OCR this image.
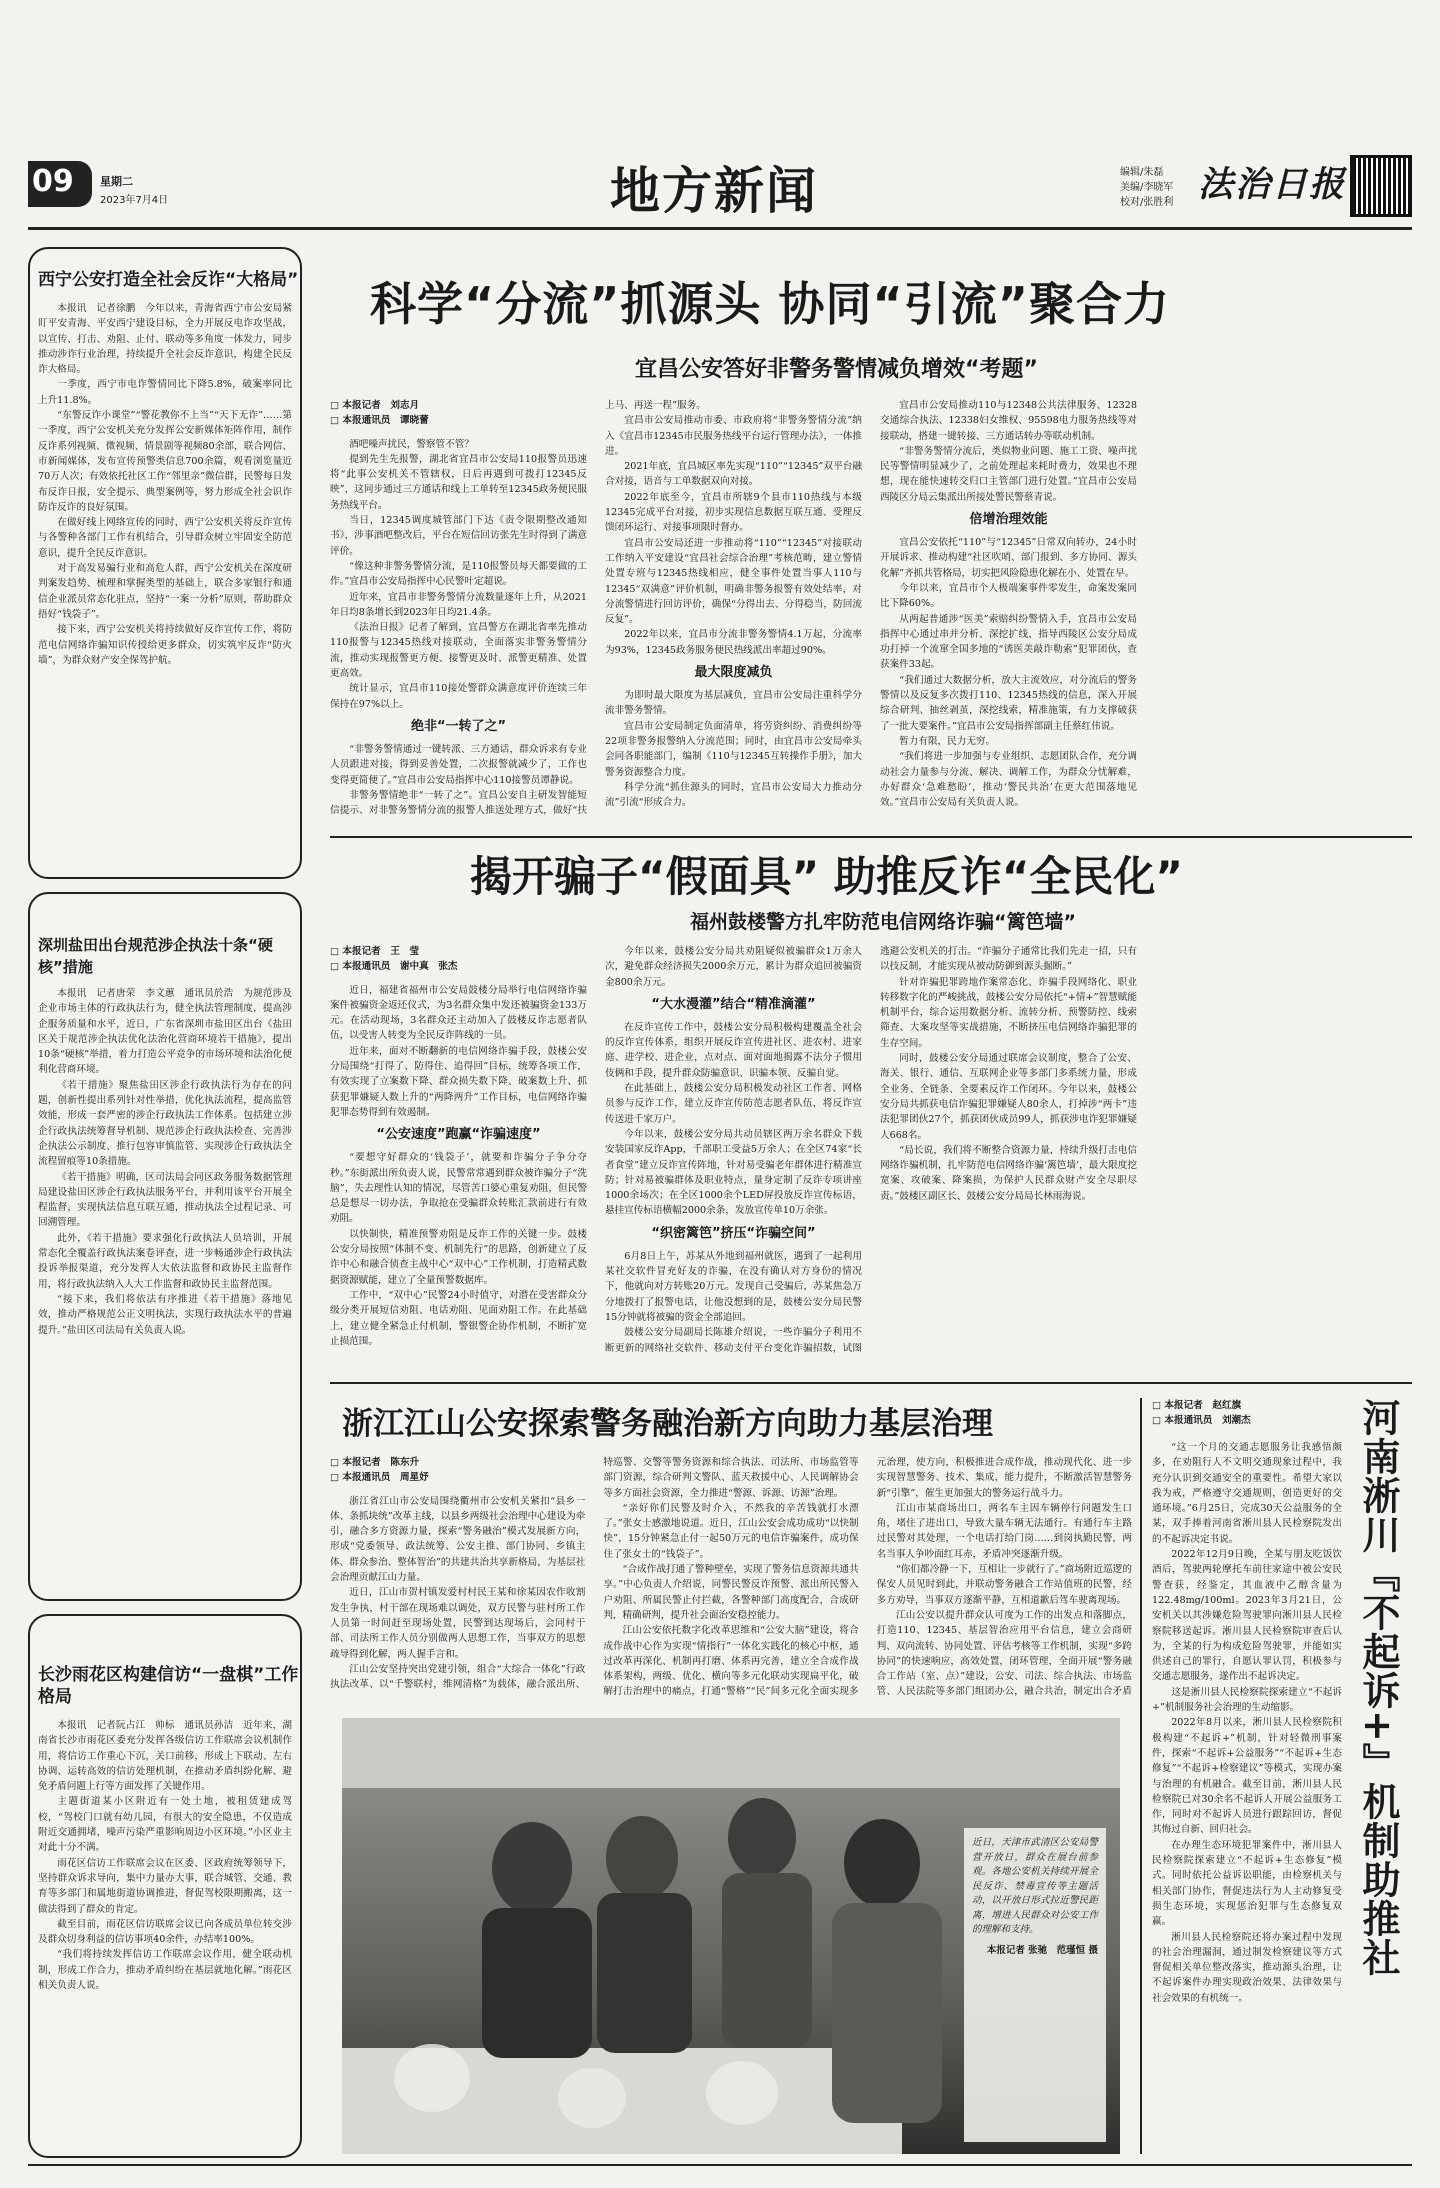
09 星期二
2023年7月4日	地方新闻	编辑/朱磊
美编/李晓军
校对/张胜利 法治日报
西宁公安打造全社会反诈“大格局”

本报讯　记者徐鹏　今年以来，青海省西宁市公安局紧盯平安青海、平安西宁建设目标，全力开展反电诈攻坚战，以宣传、打击、劝阻、止付、联动等多角度一体发力，同步推动涉诈行业治理，持续提升全社会反诈意识，构建全民反诈大格局。

一季度，西宁市电诈警情同比下降5.8%，破案率同比上升11.8%。

“东警反诈小课堂”“警花教你不上当”“天下无诈”……第一季度，西宁公安机关充分发挥公安新媒体矩阵作用，制作反诈系列视频、微视频、情景剧等视频80余部，联合网信、市新闻媒体，发布宣传预警类信息700余篇，观看浏览量近70万人次；有效依托社区工作“邻里亲”微信群，民警每日发布反诈日报，安全提示、典型案例等，努力形成全社会识诈防诈反诈的良好氛围。

在做好线上网络宣传的同时，西宁公安机关将反诈宣传与各警种各部门工作有机结合，引导群众树立牢固安全防范意识，提升全民反诈意识。

对于高发易骗行业和高危人群，西宁公安机关在深度研判案发趋势、梳理和掌握类型的基础上，联合多家银行和通信企业派员常态化驻点，坚持“一案一分析”原则，帮助群众捂好“钱袋子”。

接下来，西宁公安机关将持续做好反诈宣传工作，将防范电信网络诈骗知识传授给更多群众，切实筑牢反诈“防火墙”，为群众财产安全保驾护航。

深圳盐田出台规范涉企执法十条“硬核”措施

本报讯　记者唐荣　李文蕙　通讯员於浩　为规范涉及企业市场主体的行政执法行为，健全执法管理制度，提高涉企服务质量和水平，近日，广东省深圳市盐田区出台《盐田区关于规范涉企执法优化法治化营商环境若干措施》，提出10条“硬核”举措，着力打造公平竞争的市场环境和法治化便利化营商环境。

《若干措施》聚焦盐田区涉企行政执法行为存在的问题，创新性提出系列针对性举措，优化执法流程，提高监管效能，形成一套严密的涉企行政执法工作体系。包括建立涉企行政执法统筹督导机制、规范涉企行政执法检查、完善涉企执法公示制度、推行包容审慎监管、实现涉企行政执法全流程留痕等10条措施。

《若干措施》明确，区司法局会同区政务服务数据管理局建设盐田区涉企行政执法服务平台，并利用该平台开展全程监督，实现执法信息互联互通，推动执法全过程记录、可回溯管理。

此外，《若干措施》要求强化行政执法人员培训，开展常态化全覆盖行政执法案卷评查，进一步畅通涉企行政执法投诉举报渠道，充分发挥人大依法监督和政协民主监督作用，将行政执法纳入人大工作监督和政协民主监督范围。

“接下来，我们将依法有序推进《若干措施》落地见效，推动严格规范公正文明执法，实现行政执法水平的普遍提升。”盐田区司法局有关负责人说。

长沙雨花区构建信访“一盘棋”工作格局

本报讯　记者阮占江　帅标　通讯员孙洁　近年来，湖南省长沙市雨花区委充分发挥各级信访工作联席会议机制作用，将信访工作重心下沉，关口前移，形成上下联动、左右协调、运转高效的信访处理机制，在推动矛盾纠纷化解、避免矛盾问题上行等方面发挥了关键作用。

主题街道某小区附近有一处土地，被租赁建成驾校，“驾校门口就有幼儿园，有很大的安全隐患，不仅造成附近交通拥堵，噪声污染严重影响周边小区环境。”小区业主对此十分不满。

雨花区信访工作联席会议在区委、区政府统筹领导下，坚持群众诉求导向，集中力量办大事，联合城管、交通、教育等多部门和属地街道协调推进，督促驾校限期搬离，这一做法得到了群众的肯定。

截至目前，雨花区信访联席会议已向各成员单位转交涉及群众切身利益的信访事项40余件，办结率100%。

“我们将持续发挥信访工作联席会议作用，健全联动机制，形成工作合力，推动矛盾纠纷在基层就地化解。”雨花区相关负责人说。

科学“分流”抓源头 协同“引流”聚合力
宜昌公安答好非警务警情减负增效“考题”

□ 本报记者　刘志月

□ 本报通讯员　谭晓蕾

酒吧噪声扰民，警察管不管？

提到先生先报警，湖北省宜昌市公安局110报警员迅速将“此事公安机关不管辖权，日后再遇到可拨打12345反映”，这同步通过三方通话和线上工单转至12345政务便民服务热线平台。

当日，12345调度城管部门下达《责令限期整改通知书》，涉事酒吧整改后，平台在短信回访张先生时得到了满意评价。

“像这种非警务警情分流，是110报警员每天都要做的工作。”宜昌市公安局指挥中心民警叶定超说。

近年来，宜昌市非警务警情分流数量逐年上升，从2021年日均8条增长到2023年日均21.4条。

《法治日报》记者了解到，宜昌警方在湖北省率先推动110报警与12345热线对接联动，全面落实非警务警情分流，推动实现报警更方便、接警更及时、派警更精准、处置更高效。

统计显示，宜昌市110接处警群众满意度评价连续三年保持在97%以上。

绝非“一转了之”

“非警务警情通过一键转派、三方通话，群众诉求有专业人员跟进对接，得到妥善处置，二次报警就减少了，工作也变得更简便了。”宜昌市公安局指挥中心110接警员谭静说。

非警务警情绝非“一转了之”。宜昌公安自主研发智能短信提示、对非警务警情分流的报警人推送处理方式，做好“扶上马、再送一程”服务。

宜昌市公安局推动市委、市政府将“非警务警情分流”纳入《宜昌市12345市民服务热线平台运行管理办法》，一体推进。

2021年底，宜昌城区率先实现“110”“12345”双平台融合对接，语音与工单数据双向对接。

2022年底至今，宜昌市所辖9个县市110热线与本级12345完成平台对接，初步实现信息数据互联互通、受理反馈闭环运行、对接事项限时督办。

宜昌市公安局还进一步推动将“110”“12345”对接联动工作纳入平安建设“宜昌社会综合治理”考核范畴，建立警情处置专班与12345热线相应，健全事件处置当事人110与12345“双满意”评价机制，明确非警务报警有效处结率，对分流警情进行回访评价，确保“分得出去、分得稳当，防回流反复”。

2022年以来，宜昌市分流非警务警情4.1万起，分流率为93%，12345政务服务便民热线派出率超过90%。

最大限度减负

为即时最大限度为基层减负，宜昌市公安局注重科学分流非警务警情。

宜昌市公安局制定负面清单，将劳资纠纷、消费纠纷等22项非警务报警纳入分流范围；同时，由宜昌市公安局牵头会同各职能部门，编制《110与12345互转操作手册》，加大警务资源整合力度。

科学分流“抓住源头的同时，宜昌市公安局大力推动分流”引流“形成合力。

宜昌市公安局推动110与12348公共法律服务、12328交通综合执法、12338妇女维权、95598电力服务热线等对接联动，搭建一键转接、三方通话转办等联动机制。

“非警务警情分流后，类似物业问题、施工工资、噪声扰民等警情明显减少了，之前处理起来耗时费力，效果也不理想，现在能快速转交归口主管部门进行处置。”宜昌市公安局西陵区分局云集派出所接处警民警蔡青说。

倍增治理效能

宜昌公安依托“110”与“12345”日常双向转办，24小时开展诉求、推动构建“社区吹哨、部门报到、多方协同、源头化解”齐抓共管格局，切实把风险隐患化解在小、处置在早。

今年以来，宜昌市个人极端案事件零发生，命案发案同比下降60%。

从两起普通涉“医美”索赔纠纷警情入手，宜昌市公安局指挥中心通过串并分析、深挖扩线，指导西陵区公安分局成功打掉一个流窜全国多地的“诱医美敲诈勒索”犯罪团伙，查获案件33起。

“我们通过大数据分析，放大主流效应，对分流后的警务警情以及反复多次拨打110、12345热线的信息，深入开展综合研判、抽丝剥茧，深挖线索，精准施策，有力支撑破获了一批大要案件。”宜昌市公安局指挥部副主任蔡红伟说。

暂力有限，民力无穷。

“我们将进一步加强与专业组织、志愿团队合作，充分调动社会力量参与分流、解决、调解工作，为群众分忧解难，办好群众‘急难愁盼’，推动‘警民共治’在更大范围落地见效。”宜昌市公安局有关负责人说。

揭开骗子“假面具” 助推反诈“全民化”
福州鼓楼警方扎牢防范电信网络诈骗“篱笆墙”

□ 本报记者　王　莹

□ 本报通讯员　谢中真　张杰

近日，福建省福州市公安局鼓楼分局举行电信网络诈骗案件被骗资金返还仪式，为3名群众集中发还被骗资金133万元。在活动现场，3名群众还主动加入了鼓楼反诈志愿者队伍，以受害人转变为全民反诈阵线的一员。

近年来，面对不断翻新的电信网络诈骗手段，鼓楼公安分局围绕“打得了、防得住、追得回”目标，统筹各项工作，有效实现了立案数下降、群众损失数下降、破案数上升、抓获犯罪嫌疑人数上升的“两降两升”工作目标，电信网络诈骗犯罪态势得到有效遏制。

“公安速度”跑赢“诈骗速度”

“要想守好群众的‘钱袋子’，就要和诈骗分子争分夺秒。”东街派出所负责人说，民警常常遇到群众被诈骗分子“洗脑”，失去理性认知的情况，尽管苦口婆心重复劝阻，但民警总是想尽一切办法，争取抢在受骗群众转账汇款前进行有效劝阻。

以快制快，精准预警劝阻是反诈工作的关键一步。鼓楼公安分局按照“体制不变、机制先行”的思路，创新建立了反诈中心和融合侦查主战中心“双中心”工作机制，打造精武数据资源赋能，建立了全量预警数据库。

工作中，“双中心”民警24小时值守，对潜在受害群众分级分类开展短信劝阻、电话劝阻、见面劝阻工作。在此基础上，建立健全紧急止付机制，警银警企协作机制，不断扩宽止损范围。

今年以来，鼓楼公安分局共劝阻疑似被骗群众1万余人次，避免群众经济损失2000余万元，累计为群众追回被骗资金800余万元。

“大水漫灌”结合“精准滴灌”

在反诈宣传工作中，鼓楼公安分局积极构建覆盖全社会的反诈宣传体系，组织开展反诈宣传进社区、进农村、进家庭、进学校、进企业，点对点、面对面地揭露不法分子惯用伎俩和手段，提升群众防骗意识、识骗本领、反骗自觉。

在此基础上，鼓楼公安分局积极发动社区工作者、网格员参与反诈工作，建立反诈宣传防范志愿者队伍，将反诈宣传送进千家万户。

今年以来，鼓楼公安分局共动员辖区两万余名群众下载安装国家反诈App，千部职工受益5万余人；在全区74家“长者食堂”建立反诈宣传阵地，针对易受骗老年群体进行精准宣防；针对易被骗群体及职业特点，量身定制了反诈专项讲座1000余场次；在全区1000余个LED屏投放反诈宣传标语，悬挂宣传标语横幅2000余条，发放宣传单10万余张。

“织密篱笆”挤压“诈骗空间”

6月8日上午，苏某从外地到福州就医，遇到了一起利用某社交软件冒充好友的诈骗，在没有确认对方身份的情况下，他就向对方转账20万元。发现自己受骗后，苏某焦急万分地拨打了报警电话，让他没想到的是，鼓楼公安分局民警15分钟就将被骗的资金全部追回。

鼓楼公安分局副局长陈雄介绍说，一些诈骗分子利用不断更新的网络社交软件、移动支付平台变化诈骗招数，试图逃避公安机关的打击。“诈骗分子通常比我们先走一招，只有以技反制，才能实现从被动防御到源头掘断。”

针对诈骗犯罪跨地作案常态化、诈骗手段网络化、职业转移数字化的严峻挑战，鼓楼公安分局依托“+情+”智慧赋能机制平台，综合运用数据分析、流转分析、预警防控、线索筛查、大案攻坚等实战措施，不断挤压电信网络诈骗犯罪的生存空间。

同时，鼓楼公安分局通过联席会议制度，整合了公安、海关、银行、通信、互联网企业等多部门多系统力量，形成全业务、全链条、全要素反诈工作闭环。今年以来，鼓楼公安分局共抓获电信诈骗犯罪嫌疑人80余人，打掉涉“两卡”违法犯罪团伙27个，抓获团伙成员99人，抓获涉电诈犯罪嫌疑人668名。

“局长说，我们将不断整合资源力量，持续升级打击电信网络诈骗机制，扎牢防范电信网络诈骗‘篱笆墙’，最大限度挖宽案、攻破案、降案损，为保护人民群众财产安全尽职尽责。”鼓楼区副区长、鼓楼公安分局局长林雨海说。

浙江江山公安探索警务融治新方向助力基层治理

□ 本报记者　陈东升

□ 本报通讯员　周星妤

浙江省江山市公安局围绕衢州市公安机关紧扣“县乡一体、条抓块统”改革主线，以县乡两级社会治理中心建设为牵引，融合多方资源力量，探索“警务融治”模式发展新方向，形成“党委领导、政法统筹、公安主推、部门协同、乡镇主体、群众参治、整体智治”的共建共治共享新格局，为基层社会治理贡献江山力量。

近日，江山市贺村镇发爱村村民王某和徐某因农作收割发生争执，村干部在现场难以调处，双方民警与驻村所工作人员第一时间赶至现场处置，民警到达现场后，会同村干部、司法所工作人员分别做两人思想工作，当事双方的思想疏导得到化解，两人握手言和。

江山公安坚持突出党建引领，组合“大综合一体化”行政执法改革、以“千警联村，维网清格”为载体，融合派出所、特巡警、交警等警务资源和综合执法、司法所、市场监管等部门资源，综合研判文警队、蓝天救援中心、人民调解协会等多方面社会资源，全力推进“警源、诉源、访源”治理。

“亲好你们民警及时介入，不然我的辛苦钱就打水漂了。”张女士感激地说道。近日，江山公安会成功成功“以快制快”，15分钟紧急止付一起50万元的电信诈骗案件，成功保住了张女士的“钱袋子”。

“合成作战打通了警种壁垒，实现了警务信息资源共通共享。”中心负责人介绍说，同警民警反诈预警、派出所民警入户劝阻、所属民警止付拦截，各警种部门高度配合，合成研判，精确研判，提升社会面治安稳控能力。

江山公安依托数字化改革思维和“公安大脑”建设，将合成作战中心作为实现“情指行”一体化实践化的核心中枢，通过改革再深化、机制再打磨、体系再完善，建立全合成作战体系架构，两级、优化、横向等多元化联动实现扁平化，破解打击治理中的痛点，打通“警格”“民”间多元化全面实现多元治理，使方向，积极推进合成作战，推动现代化、进一步实现智慧警务、技术、集成，能力提升，不断激活智慧警务新“引擎”，催生更加强大的警务运行战斗力。

江山市某商场出口，两名车主因车辆停行问题发生口角，堵住了进出口，导致大量车辆无法通行。有通行车主路过民警对其处理，一个电话打给门岗……到岗执勤民警，两名当事人争吵面红耳赤，矛盾冲突逐渐升级。

“你们都冷静一下，互相让一步就行了。”商场附近巡逻的保安人员见时到此，并联动警务融合工作站值班的民警，经多方劝导，当事双方逐渐平静，互相道歉后驾车驶离现场。

江山公安以提升群众认可度为工作的出发点和落脚点，打造110、12345、基层智治应用平台信息，建立会商研判、双向流转、协同处置、评估考核等工作机制，实现“多跨协同”的快速响应，高效处置，闭环管理，全面开展“警务融合工作站（室、点）”建设，公安、司法、综合执法、市场监管、人民法院等多部门组团办公，融合共治，制定出合矛盾

近日，天津市武清区公安局警营开放日，群众在展台前参观。各地公安机关持续开展全民反诈、禁毒宣传等主题活动，以开放日形式拉近警民距离，增进人民群众对公安工作的理解和支持。
本报记者 张驰　范瑾恒 摄

□ 本报记者　赵红旗

□ 本报通讯员　刘潮杰	河南淅川『不起诉+』机制助推社

“这一个月的交通志愿服务让我感悟颇多，在劝阻行人不文明交通现象过程中，我充分认识到交通安全的重要性。希望大家以我为戒，严格遵守交通规则，创造更好的交通环境。”6月25日，完成30天公益服务的全某，双手捧着河南省淅川县人民检察院发出的不起诉决定书说。

2022年12月9日晚，全某与朋友吃饭饮酒后，驾驶两轮摩托车前往家途中被公安民警查获，经鉴定，其血液中乙醇含量为122.48mg/100ml。2023年3月21日，公安机关以其涉嫌危险驾驶罪向淅川县人民检察院移送起诉。淅川县人民检察院审查后认为，全某的行为构成危险驾驶罪，并能如实供述自己的罪行，自愿认罪认罚，积极参与交通志愿服务，遂作出不起诉决定。

这是淅川县人民检察院探索建立“不起诉+”机制服务社会治理的生动缩影。

2022年8月以来，淅川县人民检察院积极构建“不起诉+”机制，针对轻微刑事案件，探索“不起诉+公益服务”“不起诉+生态修复”“不起诉+检察建议”等模式，实现办案与治理的有机融合。截至目前，淅川县人民检察院已对30余名不起诉人开展公益服务工作，同时对不起诉人员进行跟踪回访，督促其悔过自新、回归社会。

在办理生态环境犯罪案件中，淅川县人民检察院探索建立“不起诉+生态修复”模式。同时依托公益诉讼职能，由检察机关与相关部门协作，督促违法行为人主动修复受损生态环境，实现惩治犯罪与生态修复双赢。

淅川县人民检察院还将办案过程中发现的社会治理漏洞，通过制发检察建议等方式督促相关单位整改落实，推动源头治理，让不起诉案件办理实现政治效果、法律效果与社会效果的有机统一。
